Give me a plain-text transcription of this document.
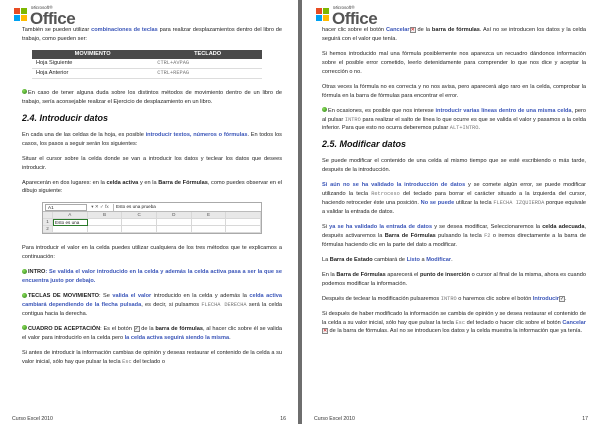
Microsoft®
Office

También se pueden utilizar combinaciones de teclas para realizar desplazamientos dentro del libro de trabajo, como pueden ser:

MOVIMIENTO	TECLADO
Hoja Siguiente	CTRL+AVPAG
Hoja Anterior	CTRL+REPAG

En caso de tener alguna duda sobre los distintos métodos de movimiento dentro de un libro de trabajo, sería aconsejable realizar el Ejercicio de desplazamiento en un libro.

2.4. Introducir datos

En cada una de las celdas de la hoja, es posible introducir textos, números o fórmulas. En todos los casos, los pasos a seguir serán los siguientes:

Situar el cursor sobre la celda donde se van a introducir los datos y teclear los datos que desees introducir.

Aparecerán en dos lugares: en la celda activa y en la Barra de Fórmulas, como puedes observar en el dibujo siguiente:

A1	▾ ✕ ✓ fx	Esto es una prueba
A	B	C	D	E
1	Esto es una
2

Para introducir el valor en la celda puedes utilizar cualquiera de los tres métodos que te explicamos a continuación:

INTRO: Se valida el valor introducido en la celda y además la celda activa pasa a ser la que se encuentra justo por debajo.

TECLAS DE MOVIMIENTO: Se valida el valor introducido en la celda y además la celda activa cambiará dependiendo de la flecha pulsada, es decir, si pulsamos FLECHA DERECHA será la celda contigua hacia la derecha.

CUADRO DE ACEPTACIÓN: Es el botón ✓ de la barra de fórmulas, al hacer clic sobre él se valida el valor para introducirlo en la celda pero la celda activa seguirá siendo la misma.

Si antes de introducir la información cambias de opinión y deseas restaurar el contenido de la celda a su valor inicial, sólo hay que pulsar la tecla Esc del teclado o

Curso Excel 2010	16
Microsoft®
Office

hacer clic sobre el botón Cancelar✕ de la barra de fórmulas. Así no se introducen los datos y la celda seguirá con el valor que tenía.

Si hemos introducido mal una fórmula posiblemente nos aparezca un recuadro dándonos información sobre el posible error cometido, leerlo detenidamente para comprender lo que nos dice y aceptar la corrección o no.

Otras veces la fórmula no es correcta y no nos avisa, pero aparecerá algo raro en la celda, comprobar la fórmula en la barra de fórmulas para encontrar el error.

En ocasiones, es posible que nos interese introducir varias líneas dentro de una misma celda, pero al pulsar INTRO para realizar el salto de línea lo que ocurre es que se valida el valor y pasamos a la celda inferior. Para que esto no ocurra deberemos pulsar ALT+INTRO.

2.5. Modificar datos

Se puede modificar el contenido de una celda al mismo tiempo que se esté escribiendo o más tarde, después de la introducción.

Si aún no se ha validado la introducción de datos y se comete algún error, se puede modificar utilizando la tecla Retroceso del teclado para borrar el carácter situado a la izquierda del cursor, haciendo retroceder éste una posición. No se puede utilizar la tecla FLECHA IZQUIERDA porque equivale a validar la entrada de datos.

Si ya se ha validado la entrada de datos y se desea modificar, Seleccionaremos la celda adecuada, después activaremos la Barra de Fórmulas pulsando la tecla F2 o iremos directamente a la barra de fórmulas haciendo clic en la parte del dato a modificar.

La Barra de Estado cambiará de Listo a Modificar.

En la Barra de Fórmulas aparecerá el punto de inserción o cursor al final de la misma, ahora es cuando podemos modificar la información.

Después de teclear la modificación pulsaremos INTRO o haremos clic sobre el botón Introducir✓.

Si después de haber modificado la información se cambia de opinión y se desea restaurar el contenido de la celda a su valor inicial, sólo hay que pulsar la tecla Esc del teclado o hacer clic sobre el botón Cancelar✕ de la barra de fórmulas. Así no se introducen los datos y la celda muestra la información que ya tenía.

Curso Excel 2010	17
